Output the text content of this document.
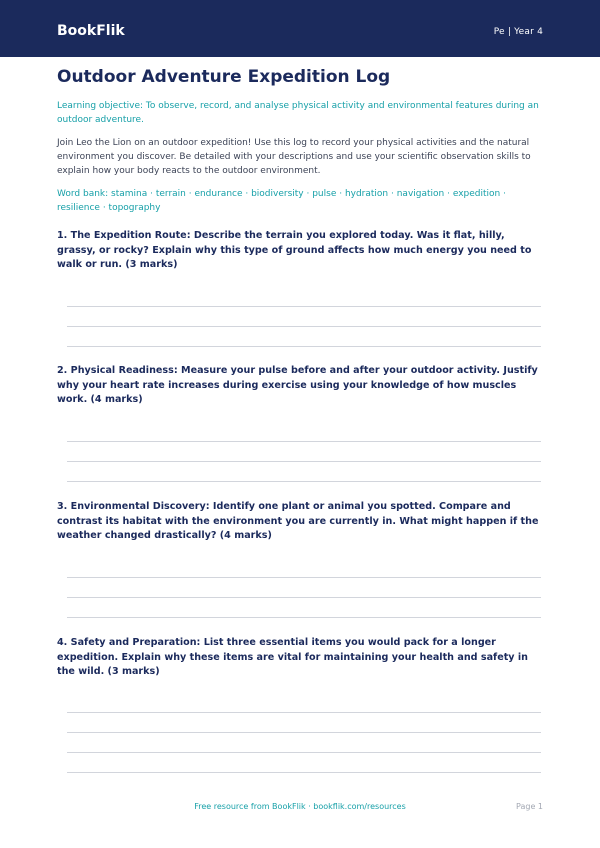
BookFlik	Pe | Year 4
Outdoor Adventure Expedition Log

Learning objective: To observe, record, and analyse physical activity and environmental features during an outdoor adventure.

Join Leo the Lion on an outdoor expedition! Use this log to record your physical activities and the natural environment you discover. Be detailed with your descriptions and use your scientific observation skills to explain how your body reacts to the outdoor environment.

Word bank: stamina · terrain · endurance · biodiversity · pulse · hydration · navigation · expedition · resilience · topography

1. The Expedition Route: Describe the terrain you explored today. Was it flat, hilly, grassy, or rocky? Explain why this type of ground affects how much energy you need to walk or run. (3 marks)

2. Physical Readiness: Measure your pulse before and after your outdoor activity. Justify why your heart rate increases during exercise using your knowledge of how muscles work. (4 marks)

3. Environmental Discovery: Identify one plant or animal you spotted. Compare and contrast its habitat with the environment you are currently in. What might happen if the weather changed drastically? (4 marks)

4. Safety and Preparation: List three essential items you would pack for a longer expedition. Explain why these items are vital for maintaining your health and safety in the wild. (3 marks)

Free resource from BookFlik · bookflik.com/resources	Page 1
